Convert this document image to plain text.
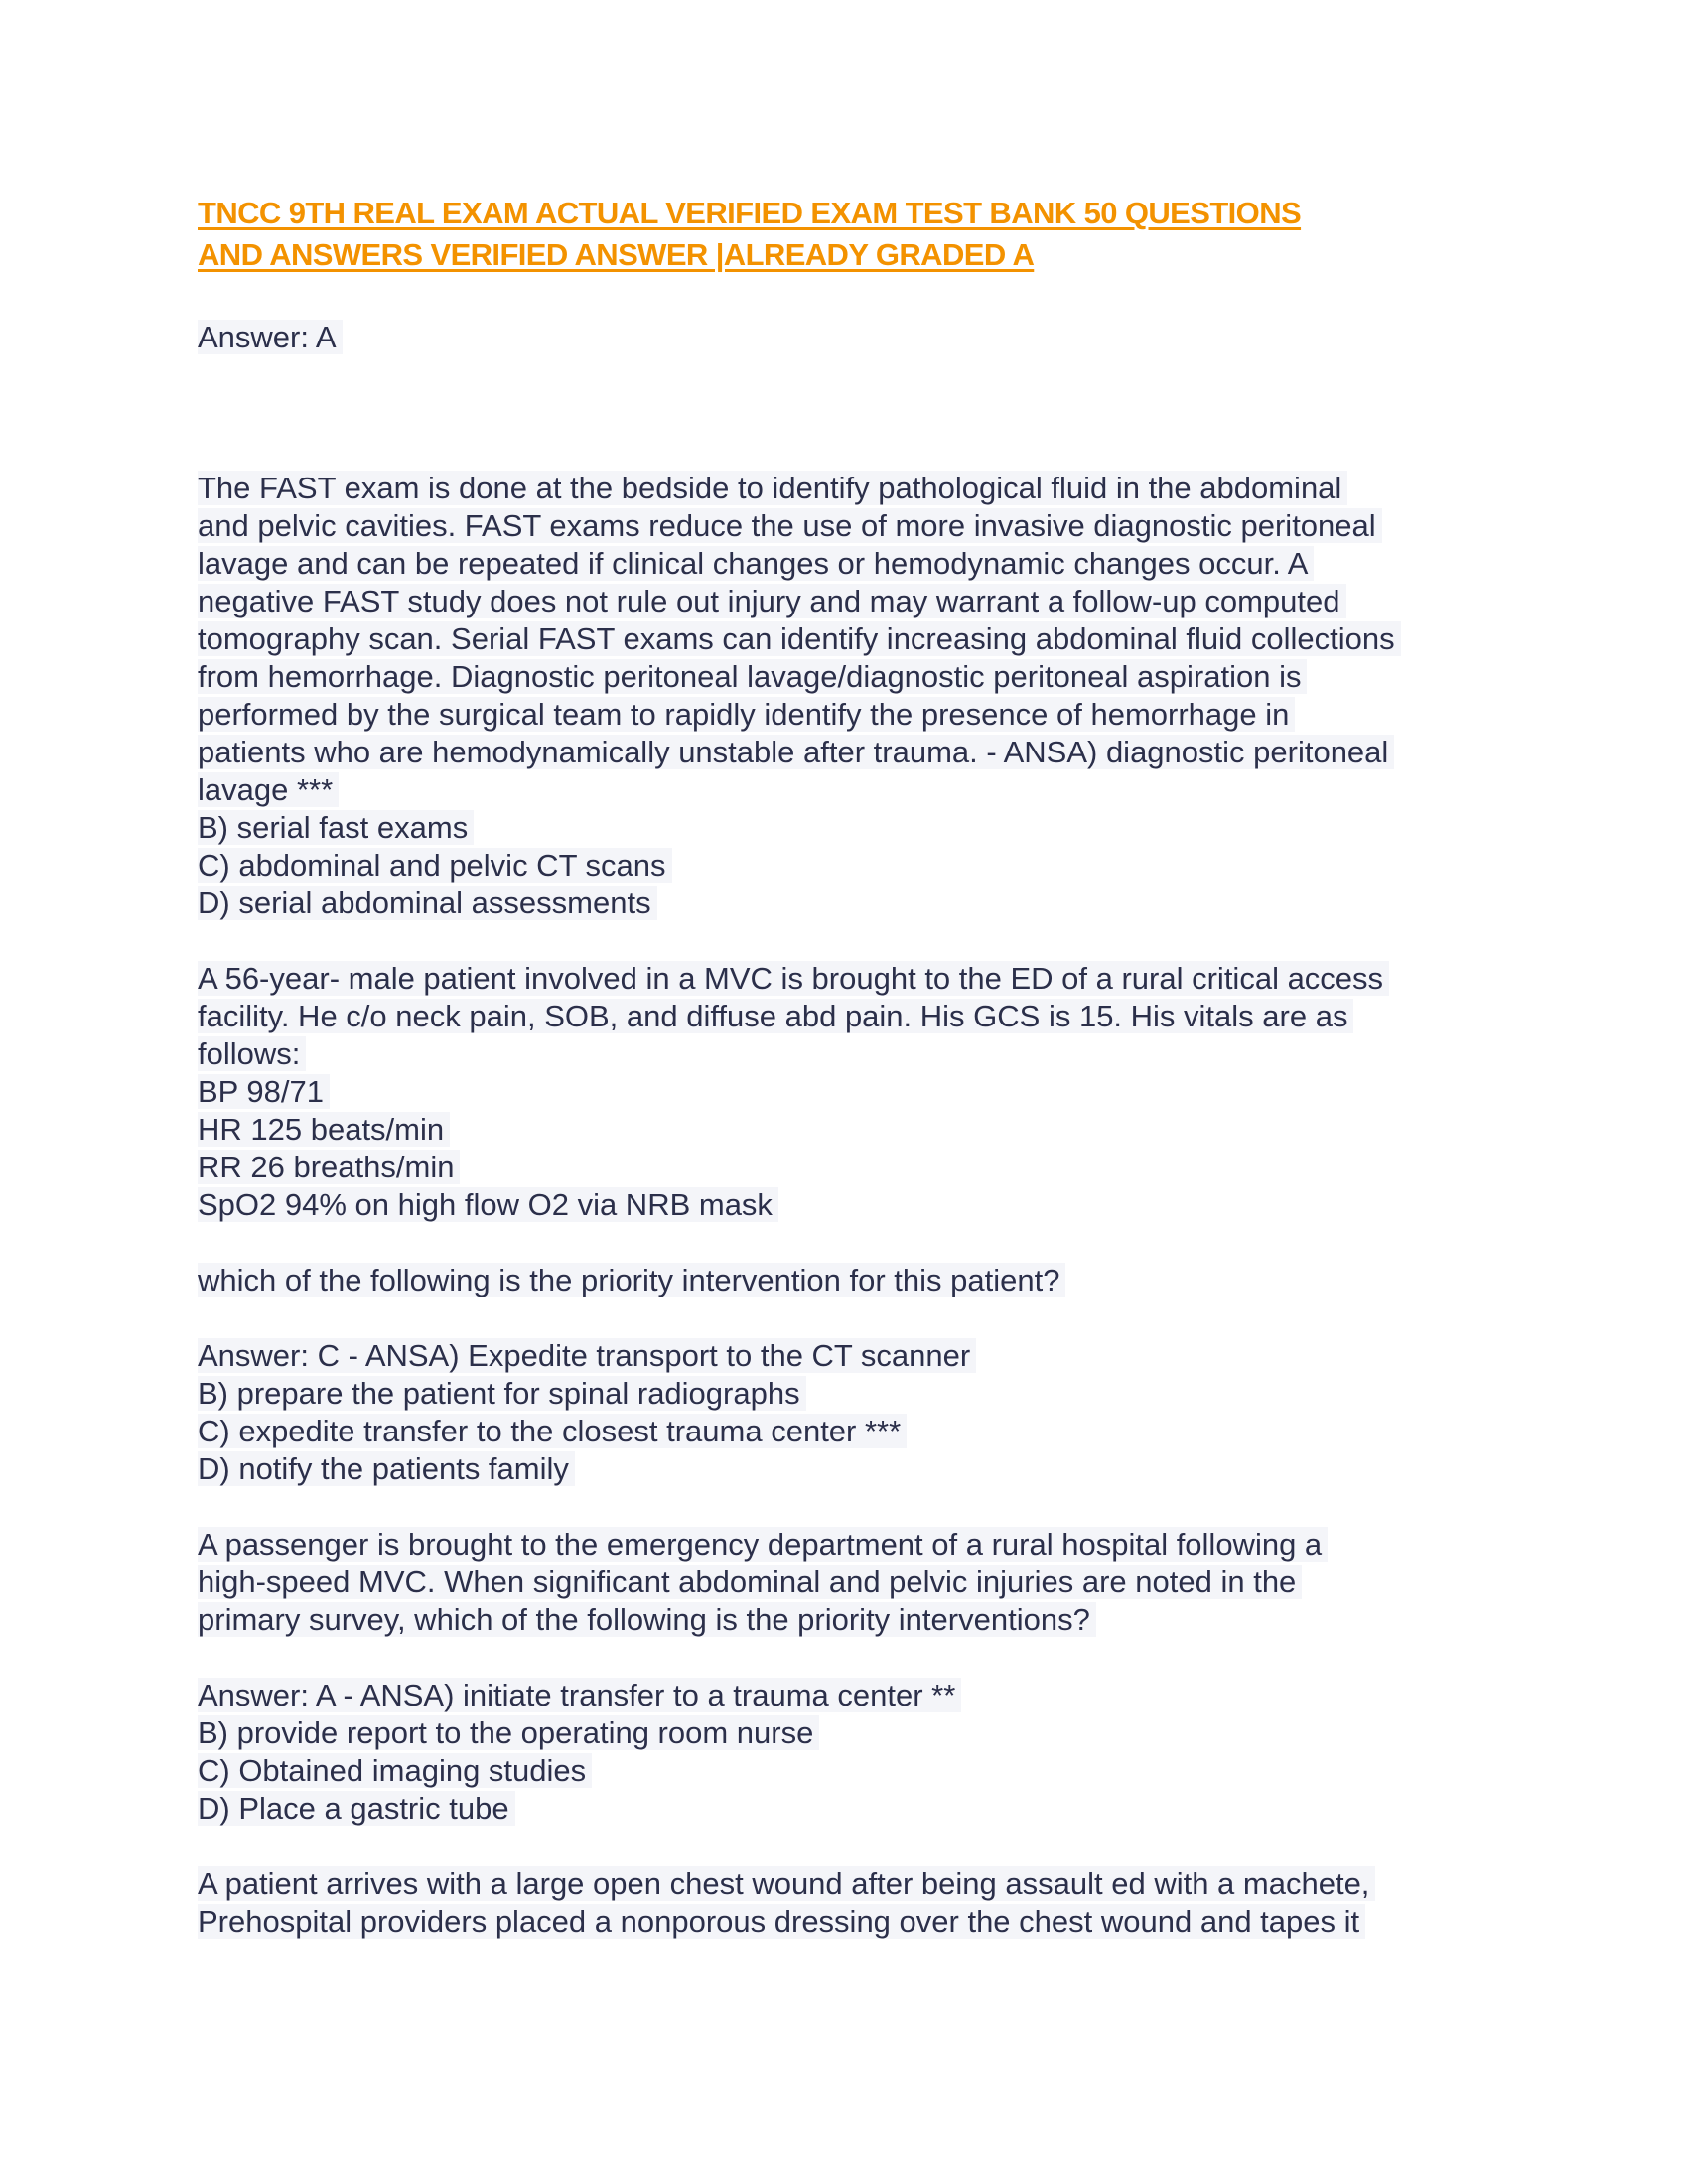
TNCC 9TH REAL EXAM ACTUAL VERIFIED EXAM TEST BANK 50 QUESTIONS
AND ANSWERS VERIFIED ANSWER |ALREADY GRADED A
Answer: A
The FAST exam is done at the bedside to identify pathological fluid in the abdominal
and pelvic cavities. FAST exams reduce the use of more invasive diagnostic peritoneal
lavage and can be repeated if clinical changes or hemodynamic changes occur. A
negative FAST study does not rule out injury and may warrant a follow-up computed
tomography scan. Serial FAST exams can identify increasing abdominal fluid collections
from hemorrhage. Diagnostic peritoneal lavage/diagnostic peritoneal aspiration is
performed by the surgical team to rapidly identify the presence of hemorrhage in
patients who are hemodynamically unstable after trauma. - ANSA) diagnostic peritoneal
lavage ***
B) serial fast exams
C) abdominal and pelvic CT scans
D) serial abdominal assessments
A 56-year- male patient involved in a MVC is brought to the ED of a rural critical access
facility. He c/o neck pain, SOB, and diffuse abd pain. His GCS is 15. His vitals are as
follows:
BP 98/71
HR 125 beats/min
RR 26 breaths/min
SpO2 94% on high flow O2 via NRB mask
which of the following is the priority intervention for this patient?
Answer: C - ANSA) Expedite transport to the CT scanner
B) prepare the patient for spinal radiographs
C) expedite transfer to the closest trauma center ***
D) notify the patients family
A passenger is brought to the emergency department of a rural hospital following a
high-speed MVC. When significant abdominal and pelvic injuries are noted in the
primary survey, which of the following is the priority interventions?
Answer: A - ANSA) initiate transfer to a trauma center **
B) provide report to the operating room nurse
C) Obtained imaging studies
D) Place a gastric tube
A patient arrives with a large open chest wound after being assault ed with a machete,
Prehospital providers placed a nonporous dressing over the chest wound and tapes it
